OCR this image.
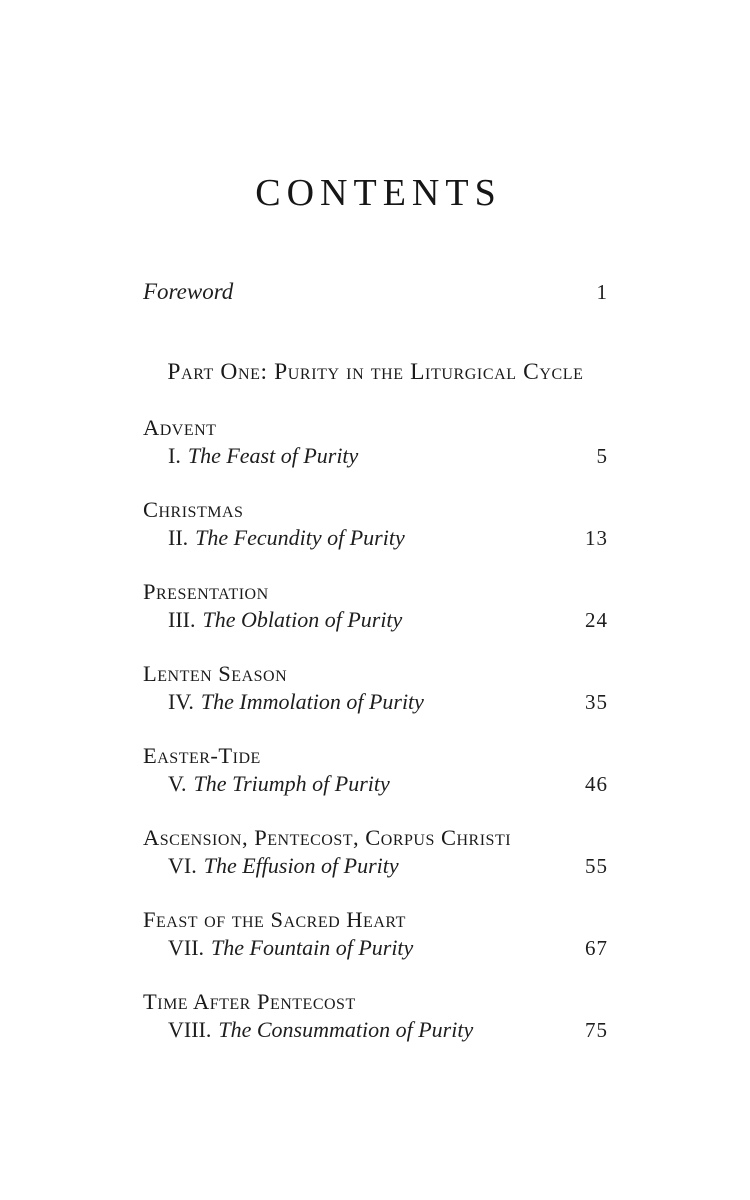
CONTENTS
Foreword	1
Part One: Purity in the Liturgical Cycle
Advent
I. The Feast of Purity	5
Christmas
II. The Fecundity of Purity	13
Presentation
III. The Oblation of Purity	24
Lenten Season
IV. The Immolation of Purity	35
Easter-Tide
V. The Triumph of Purity	46
Ascension, Pentecost, Corpus Christi
VI. The Effusion of Purity	55
Feast of the Sacred Heart
VII. The Fountain of Purity	67
Time After Pentecost
VIII. The Consummation of Purity	75
